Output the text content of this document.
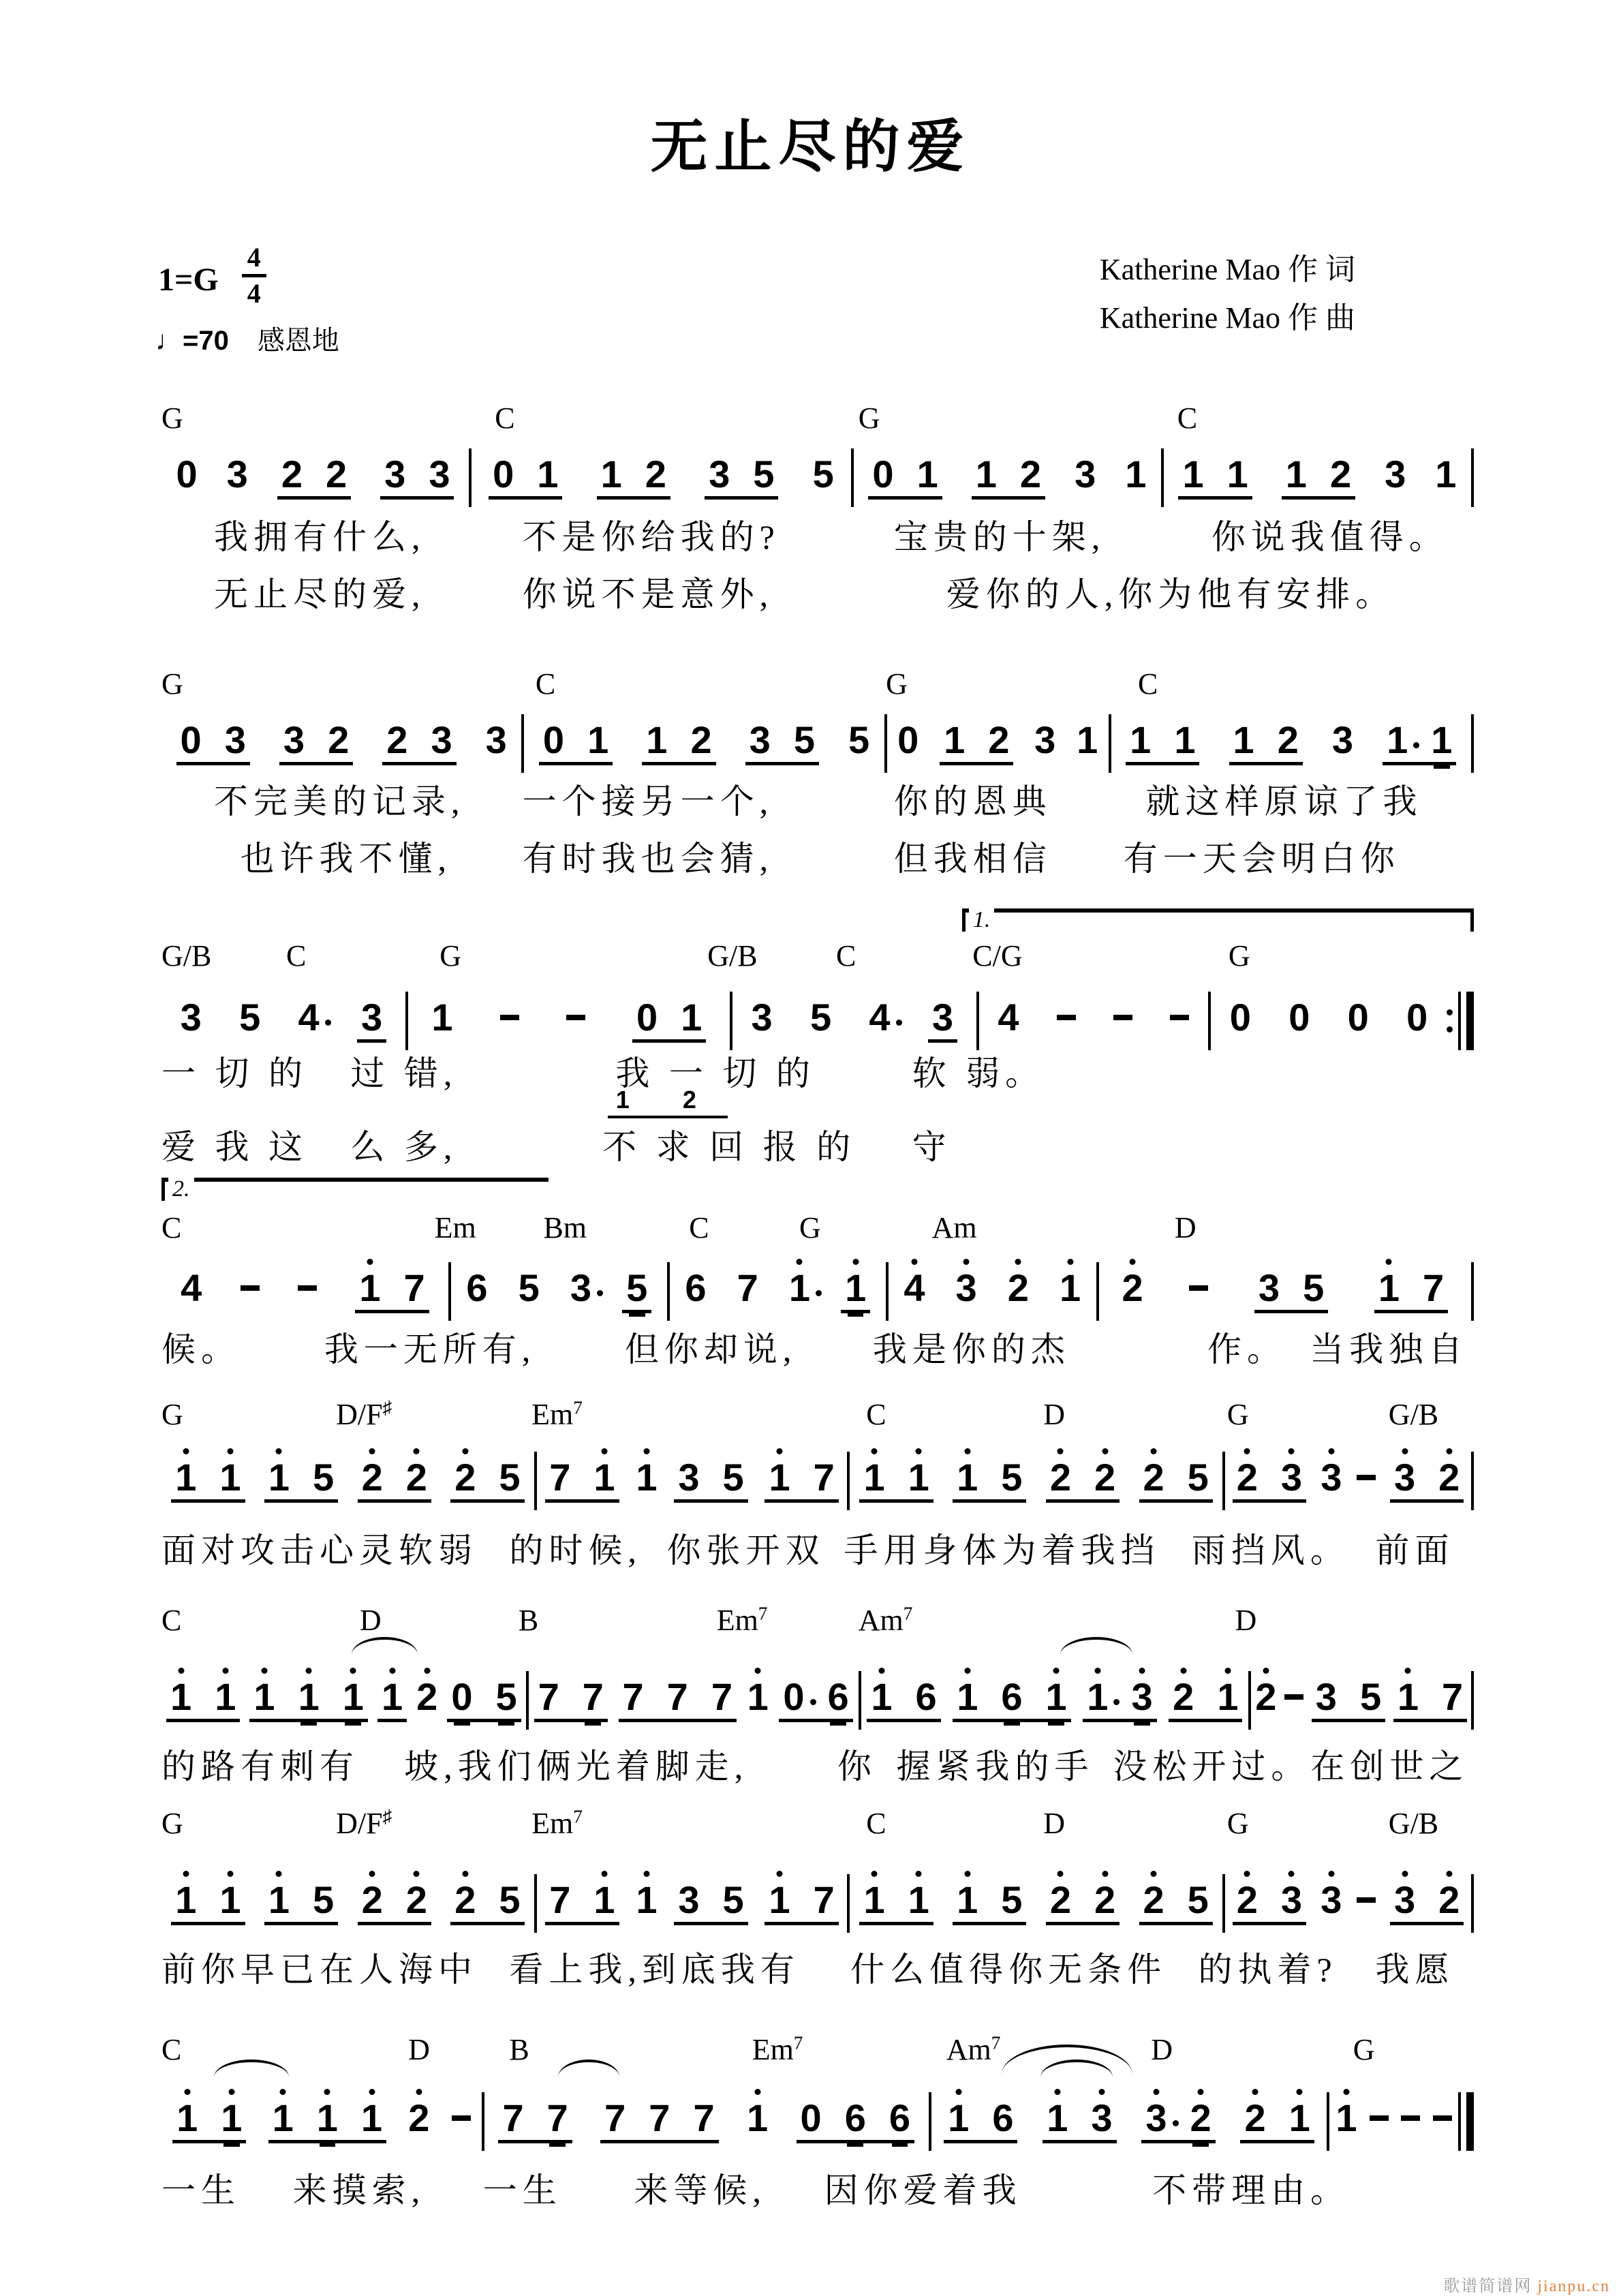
无止尽的爱
$1=G \frac{4}{4}$
♩=70 感恩地
Katherine Mao 作 词
Katherine Mao 作 曲
G	C	G	C
0 3 2 2 3 3 0 1 1 2 3 5 5 0 1 1 2 3 1 1 1 1 2 3 1
我拥有什么,	不是你给我的?	宝贵的十架,	你说我值得。
无止尽的爱,	你说不是意外,	爱你的人,你为他有安排。
G	C	G	C
0 3 3 2 2 3 3 0 1 1 2 3 5 5 0 1 2 3 1 1 1 1 2 3 1 1
不完美的记录, 一个接另一个,	你的恩典	就这样原谅了我
也许我不懂, 有时我也会猜,	但我相信 有一天会明白你
1.
G/B C	G	G/B	C	C/G	G
3 5 4 3 1	0 1 3 5 4 3 4	0 0 0 0
一 切 的 过 错,	我 一 切 的	软 弱。
爱 我 这 么 多,	不 求 回 报 的 守
1 2
2.
C	Em Bm	C	G	Am	D
4	1 7 6 5 3 5 6 7 1 1 4 3 2 1 2	3 5 1 7
候。 我一无所有,	但你却说, 我是你的杰	作。 当我独自
G	D/F♯	Em$^7$	C	D	G	G/B
1 1 1 5 2 2 2 5 7 1 1 3 5 1 7 1 1 1 5 2 2 2 5 2 3 3 3 2
面对攻击心灵软弱 的时候, 你张开双 手用身体为着我挡 雨挡风。 前面
C	D	B	Em$^7$	Am$^7$	D
1 1 1 1 1 1 2 0 5 7 7 7 7 7 1 0 6 1 6 1 6 1 1 3 2 1 2 3 5 1 7
的路有刺有 坡,我们俩光着脚走,	你 握紧我的手 没松开过。在创世之
G	D/F♯	Em$^7$	C	D	G	G/B
1 1 1 5 2 2 2 5 7 1 1 3 5 1 7 1 1 1 5 2 2 2 5 2 3 3 3 2
前你早已在人海中 看上我,到底我有 什么值得你无条件 的执着? 我愿
C	D	B	Em$^7$	Am$^7$	D	G
1 1 1 1 1 2 7 7 7 7 7 1 0 6 6 1 6 1 3 3 2 2 1 1
一生 来摸索, 一生 来等候, 因你爱着我	不带理由。
歌谱简谱网 jianpu.cn
